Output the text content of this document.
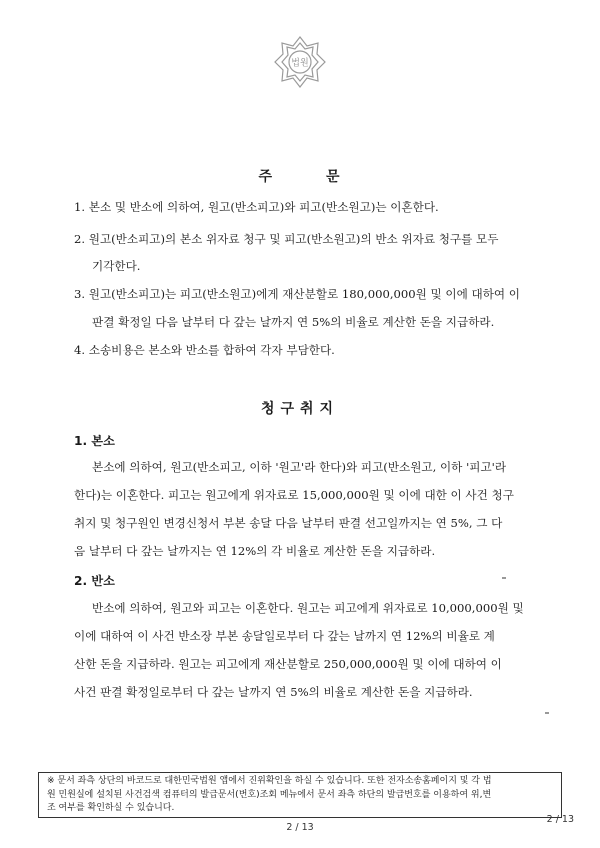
법원
주	문
1. 본소 및 반소에 의하여, 원고(반소피고)와 피고(반소원고)는 이혼한다.
2. 원고(반소피고)의 본소 위자료 청구 및 피고(반소원고)의 반소 위자료 청구를 모두
기각한다.
3. 원고(반소피고)는 피고(반소원고)에게 재산분할로 180,000,000원 및 이에 대하여 이
판결 확정일 다음 날부터 다 갚는 날까지 연 5%의 비율로 계산한 돈을 지급하라.
4. 소송비용은 본소와 반소를 합하여 각자 부담한다.
청구취지
1. 본소
본소에 의하여, 원고(반소피고, 이하 '원고'라 한다)와 피고(반소원고, 이하 '피고'라
한다)는 이혼한다. 피고는 원고에게 위자료로 15,000,000원 및 이에 대한 이 사건 청구
취지 및 청구원인 변경신청서 부본 송달 다음 날부터 판결 선고일까지는 연 5%, 그 다
음 날부터 다 갚는 날까지는 연 12%의 각 비율로 계산한 돈을 지급하라.
2. 반소
반소에 의하여, 원고와 피고는 이혼한다. 원고는 피고에게 위자료로 10,000,000원 및
이에 대하여 이 사건 반소장 부본 송달일로부터 다 갚는 날까지 연 12%의 비율로 계
산한 돈을 지급하라. 원고는 피고에게 재산분할로 250,000,000원 및 이에 대하여 이
사건 판결 확정일로부터 다 갚는 날까지 연 5%의 비율로 계산한 돈을 지급하라.
※ 문서 좌측 상단의 바코드로 대한민국법원 앱에서 진위확인을 하실 수 있습니다. 또한 전자소송홈페이지 및 각 법
원 민원실에 설치된 사건검색 컴퓨터의 발급문서(번호)조회 메뉴에서 문서 좌측 하단의 발급번호를 이용하여 위,변
조 여부를 확인하실 수 있습니다.
2 / 13
2 / 13
